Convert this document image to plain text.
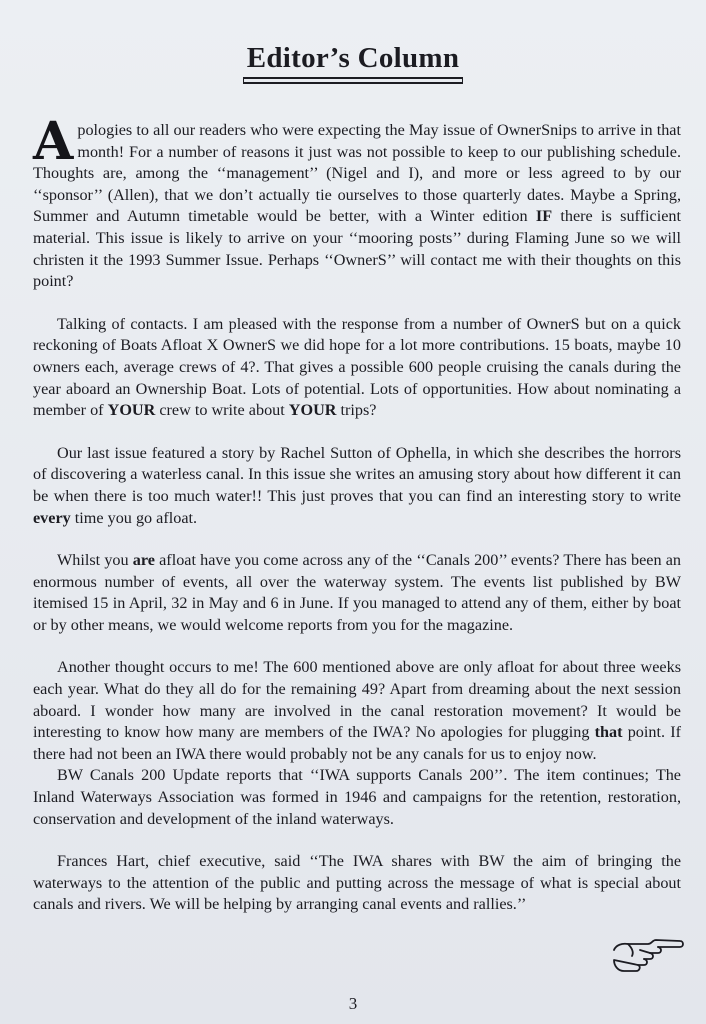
Editor’s Column

Apologies to all our readers who were expecting the May issue of OwnerSnips to arrive in that month! For a number of reasons it just was not possible to keep to our publishing schedule. Thoughts are, among the ‘‘management’’ (Nigel and I), and more or less agreed to by our ‘‘sponsor’’ (Allen), that we don’t actually tie ourselves to those quarterly dates. Maybe a Spring, Summer and Autumn timetable would be better, with a Winter edition IF there is sufficient material. This issue is likely to arrive on your ‘‘mooring posts’’ during Flaming June so we will christen it the 1993 Summer Issue. Perhaps ‘‘OwnerS’’ will contact me with their thoughts on this point?

Talking of contacts. I am pleased with the response from a number of OwnerS but on a quick reckoning of Boats Afloat X OwnerS we did hope for a lot more contributions. 15 boats, maybe 10 owners each, average crews of 4?. That gives a possible 600 people cruising the canals during the year aboard an Ownership Boat. Lots of potential. Lots of opportunities. How about nominating a member of YOUR crew to write about YOUR trips?

Our last issue featured a story by Rachel Sutton of Ophella, in which she describes the horrors of discovering a waterless canal. In this issue she writes an amusing story about how different it can be when there is too much water!! This just proves that you can find an interesting story to write every time you go afloat.

Whilst you are afloat have you come across any of the ‘‘Canals 200’’ events? There has been an enormous number of events, all over the waterway system. The events list published by BW itemised 15 in April, 32 in May and 6 in June. If you managed to attend any of them, either by boat or by other means, we would welcome reports from you for the magazine.

Another thought occurs to me! The 600 mentioned above are only afloat for about three weeks each year. What do they all do for the remaining 49? Apart from dreaming about the next session aboard. I wonder how many are involved in the canal restoration movement? It would be interesting to know how many are members of the IWA? No apologies for plugging that point. If there had not been an IWA there would probably not be any canals for us to enjoy now.

BW Canals 200 Update reports that ‘‘IWA supports Canals 200’’. The item continues; The Inland Waterways Association was formed in 1946 and campaigns for the retention, restoration, conservation and development of the inland waterways.

Frances Hart, chief executive, said ‘‘The IWA shares with BW the aim of bringing the waterways to the attention of the public and putting across the message of what is special about canals and rivers. We will be helping by arranging canal events and rallies.’’

3
